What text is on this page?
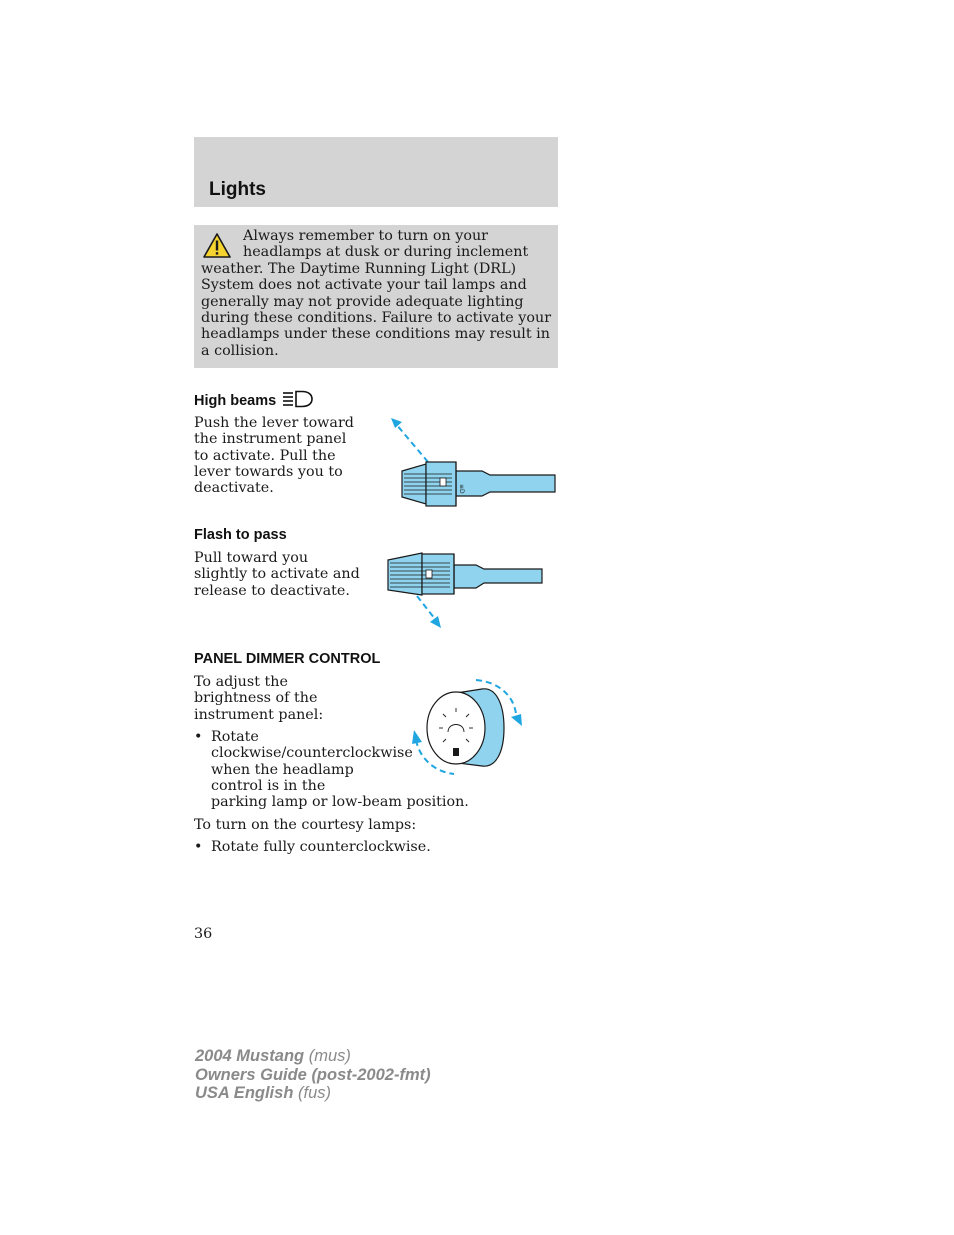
Lights
Always remember to turn on your headlamps at dusk or during inclement weather. The Daytime Running Light (DRL) System does not activate your tail lamps and generally may not provide adequate lighting during these conditions. Failure to activate your headlamps under these conditions may result in a collision.
High beams
Push the lever toward the instrument panel to activate. Pull the lever towards you to deactivate.	≡D
Flash to pass
Pull toward you slightly to activate and release to deactivate.
PANEL DIMMER CONTROL
To adjust the brightness of the instrument panel:
• Rotate
clockwise/counterclockwise
when the headlamp
control is in the
parking lamp or low-beam position.
To turn on the courtesy lamps:
• Rotate fully counterclockwise.
36
2004 Mustang (mus)
Owners Guide (post-2002-fmt)
USA English (fus)
